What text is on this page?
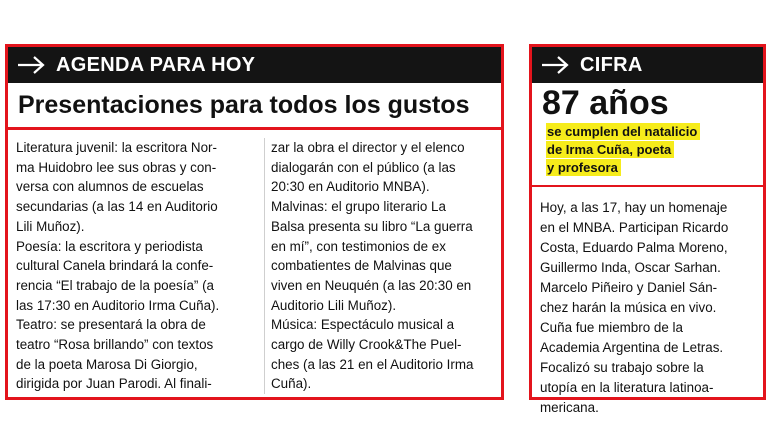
AGENDA PARA HOY
Presentaciones para todos los gustos
Literatura juvenil: la escritora Nor-
ma Huidobro lee sus obras y con-
versa con alumnos de escuelas
secundarias (a las 14 en Auditorio
Lili Muñoz).
Poesía: la escritora y periodista
cultural Canela brindará la confe-
rencia “El trabajo de la poesía” (a
las 17:30 en Auditorio Irma Cuña).
Teatro: se presentará la obra de
teatro “Rosa brillando” con textos
de la poeta Marosa Di Giorgio,
dirigida por Juan Parodi. Al finali-
zar la obra el director y el elenco
dialogarán con el público (a las
20:30 en Auditorio MNBA).
Malvinas: el grupo literario La
Balsa presenta su libro “La guerra
en mí”, con testimonios de ex
combatientes de Malvinas que
viven en Neuquén (a las 20:30 en
Auditorio Lili Muñoz).
Música: Espectáculo musical a
cargo de Willy Crook&The Puel-
ches (a las 21 en el Auditorio Irma
Cuña).
CIFRA
87 años
se cumplen del natalicio
de Irma Cuña, poeta
y profesora
Hoy, a las 17, hay un homenaje
en el MNBA. Participan Ricardo
Costa, Eduardo Palma Moreno,
Guillermo Inda, Oscar Sarhan.
Marcelo Piñeiro y Daniel Sán-
chez harán la música en vivo.
Cuña fue miembro de la
Academia Argentina de Letras.
Focalizó su trabajo sobre la
utopía en la literatura latinoa-
mericana.
